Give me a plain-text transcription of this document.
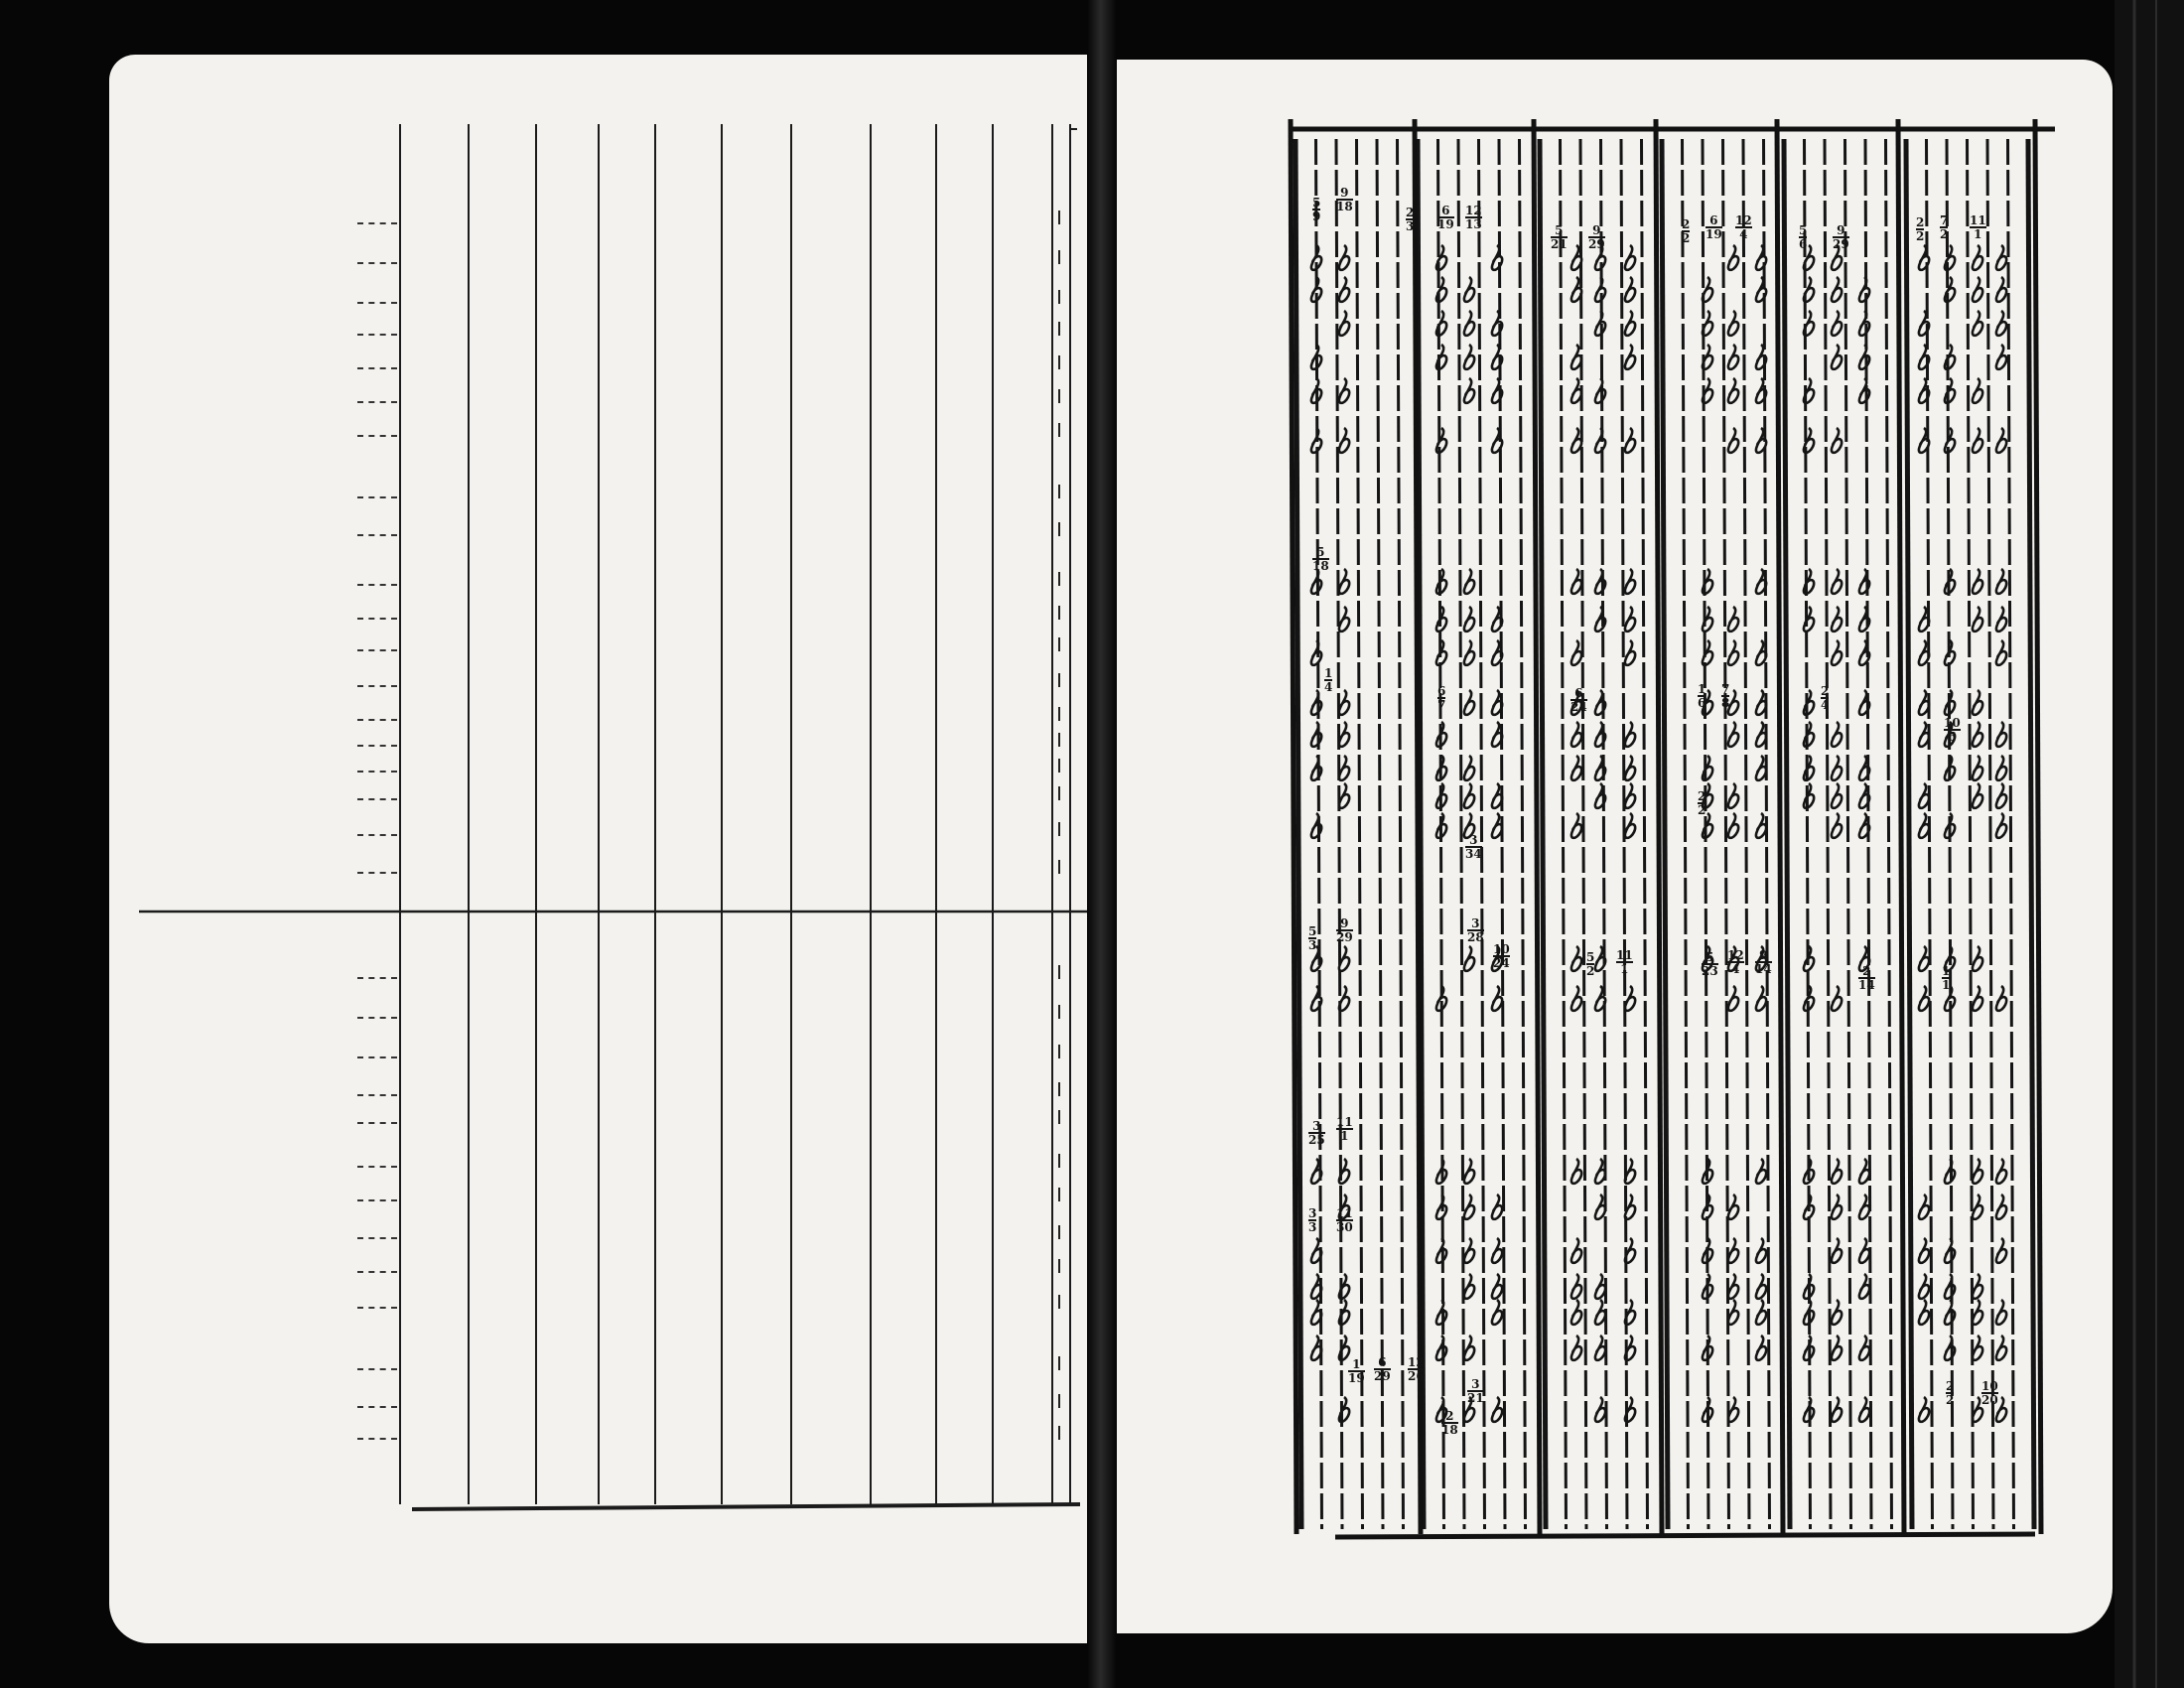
$\frac{5}{9} \frac{9}{18}$
$\frac{2}{3} \frac{6}{19} \frac{12}{13}$
$\frac{5}{21} \frac{9}{29}$	$\frac{2}{2} \frac{6}{19} \frac{12}{4}$	$\frac{5}{6} \frac{9}{29}$	$\frac{2}{2} \frac{7}{2} \frac{11}{1}$
$\frac{5}{18}$
$\frac{1}{4}$
$\frac{6}{7}$	$\frac{6}{24}$	$\frac{1}{6} \frac{7}{8}$	$\frac{2}{4}$
$\frac{10}{6}$
$\frac{3}{34}$
$\frac{2}{2}$
$\frac{5}{3} \frac{9}{29}$	$\frac{3}{28}$
$\frac{10}{24}$	$\frac{5}{2} \frac{11}{1}$	$\frac{5}{23} \frac{12}{4} \frac{9}{14}$
$\frac{2}{14}$	$\frac{1}{1}$
$\frac{3}{25} \frac{11}{1}$
$\frac{3}{3} \frac{11}{30}$
$\frac{1}{19} \frac{6}{29} \frac{12}{26}$
$\frac{3}{21}$
$\frac{2}{18}$
$\frac{2}{2} \frac{10}{20}$
